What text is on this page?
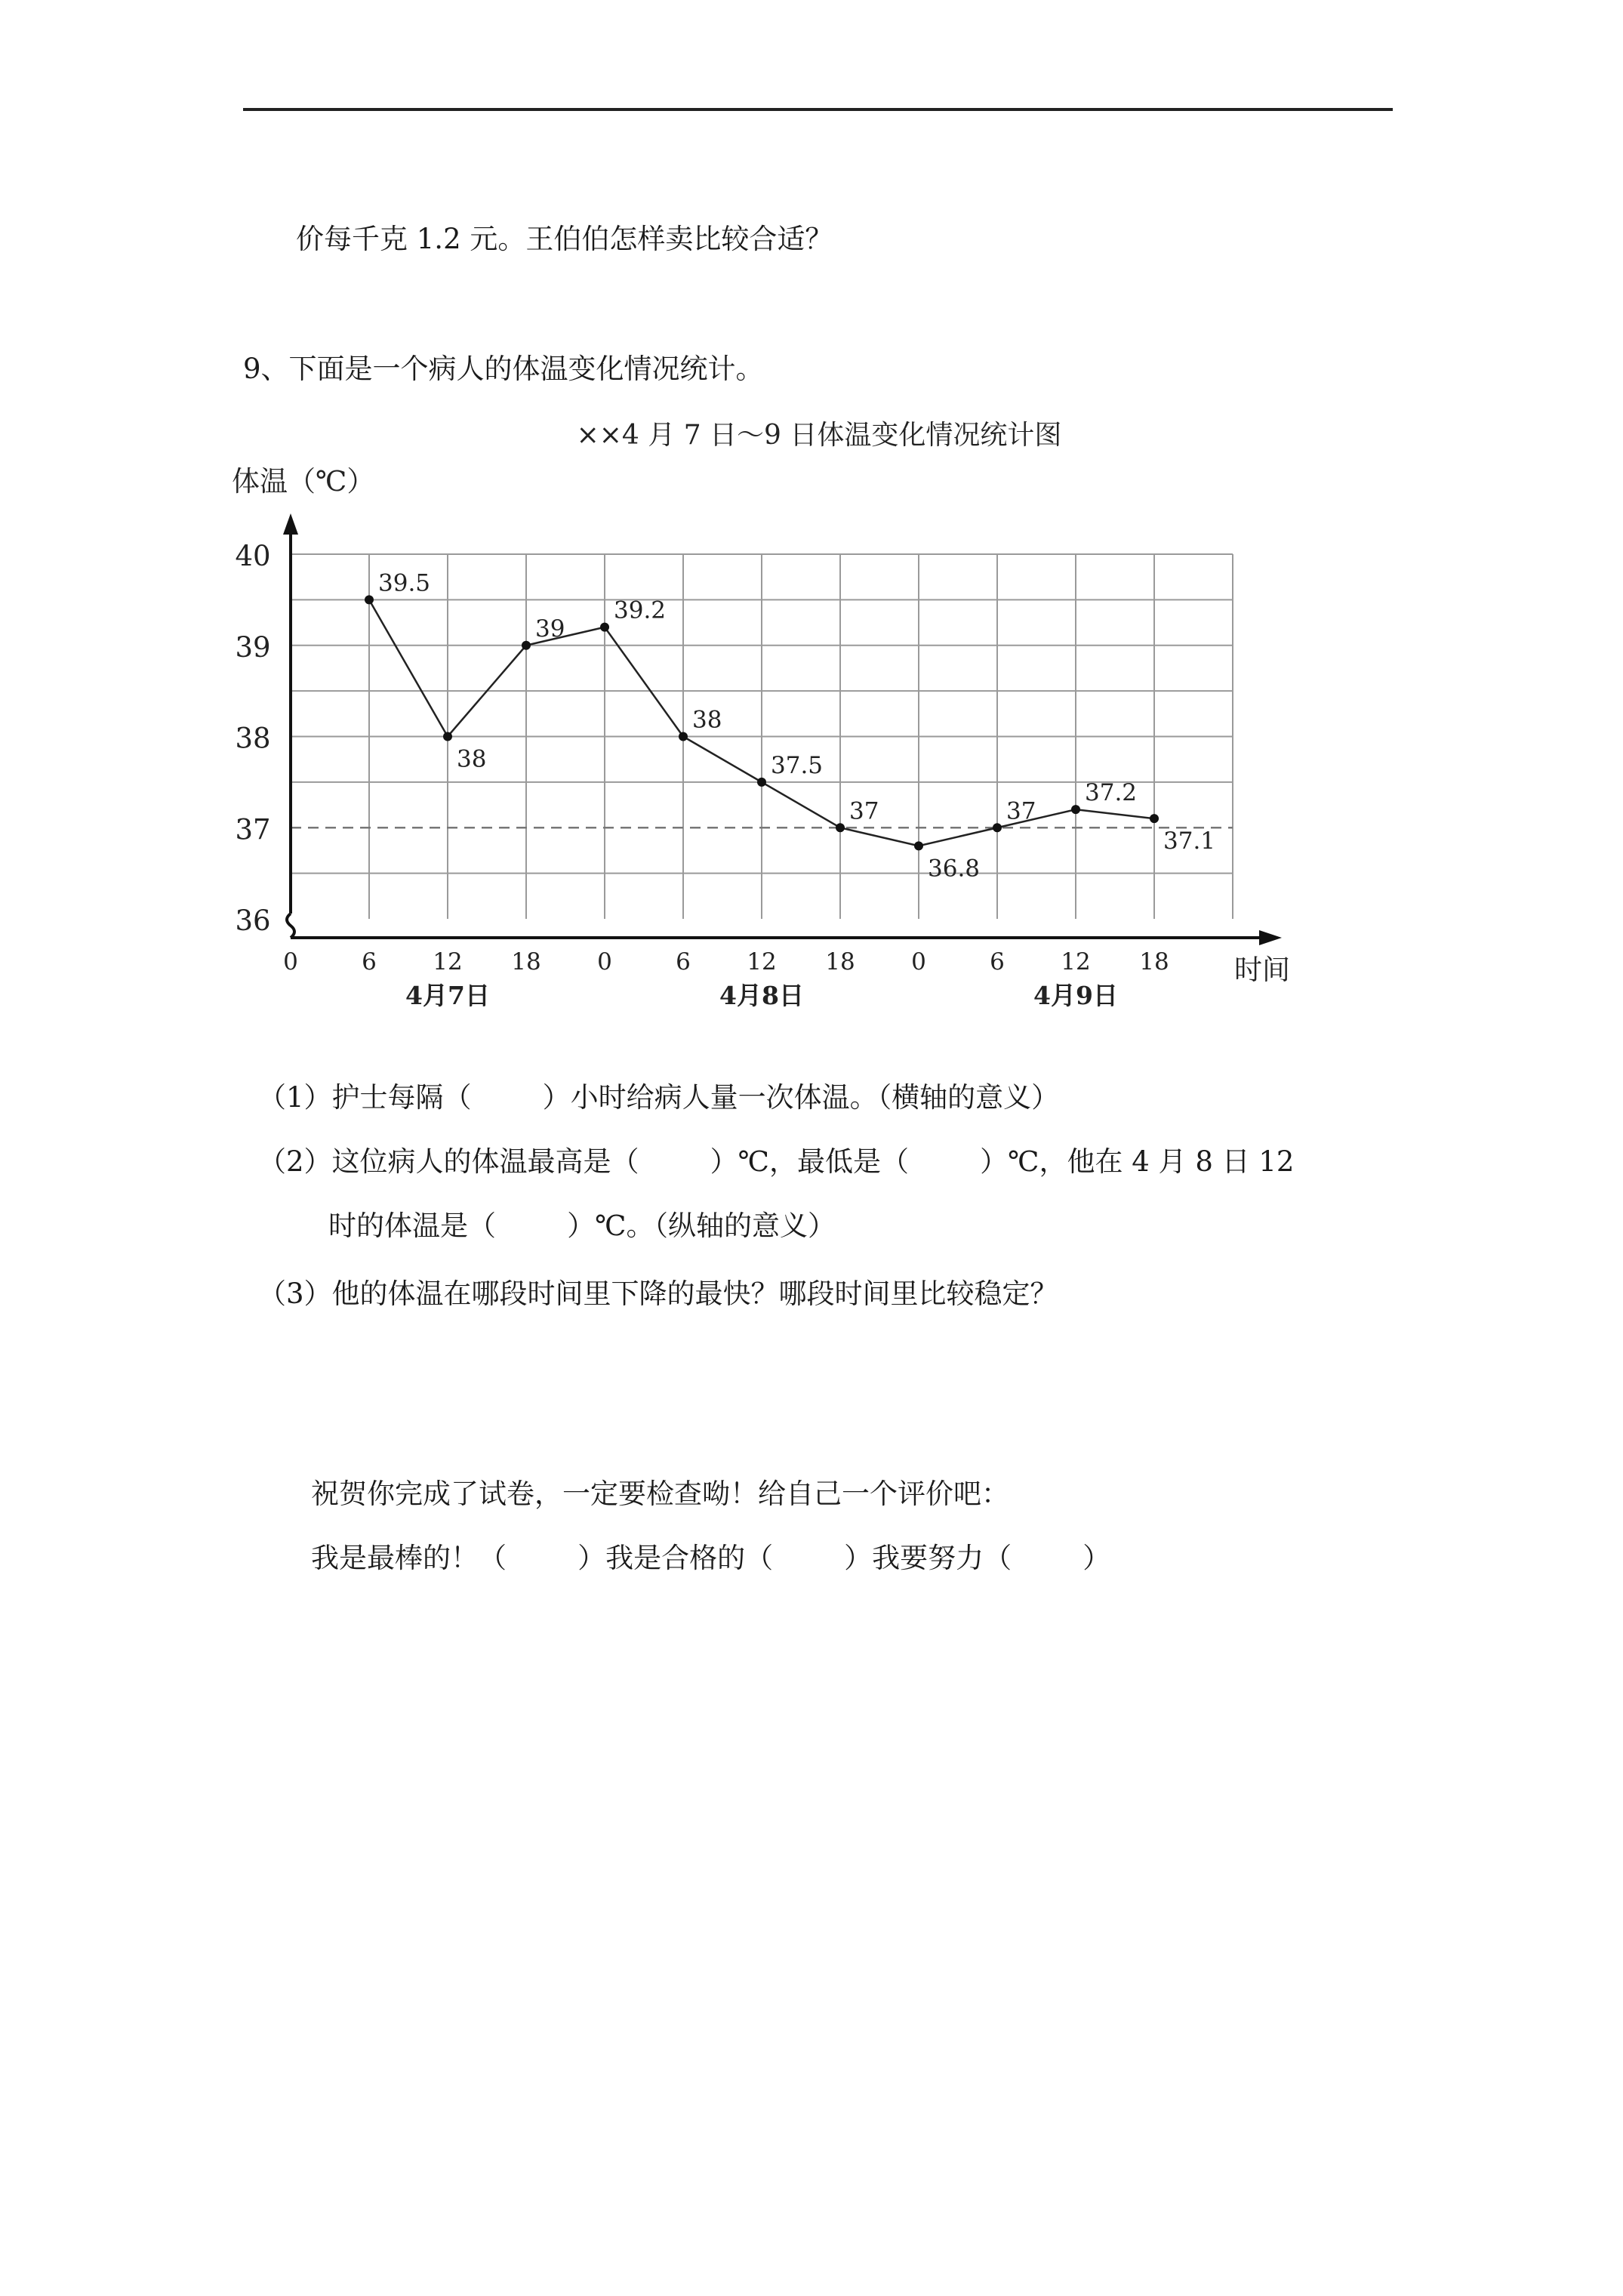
价每千克 1.2 元。王伯伯怎样卖比较合适？
9、下面是一个病人的体温变化情况统计。
××4 月 7 日～9 日体温变化情况统计图
体温（℃）
时间
36
37
38
39
40
0	6 12 18 0	6 12 18 0	6 12 18
4月7日	4月8日	4月9日
39.5
38
39
39.2
38
37.5
37
36.8
37
37.2
37.1
（1）护士每隔（        ）小时给病人量一次体温。（横轴的意义）
（2）这位病人的体温最高是（        ）℃，最低是（        ）℃，他在 4 月 8 日 12
时的体温是（        ）℃。（纵轴的意义）
（3）他的体温在哪段时间里下降的最快？哪段时间里比较稳定？
祝贺你完成了试卷，一定要检查呦！给自己一个评价吧：
我是最棒的！（        ）我是合格的（        ）我要努力（        ）
